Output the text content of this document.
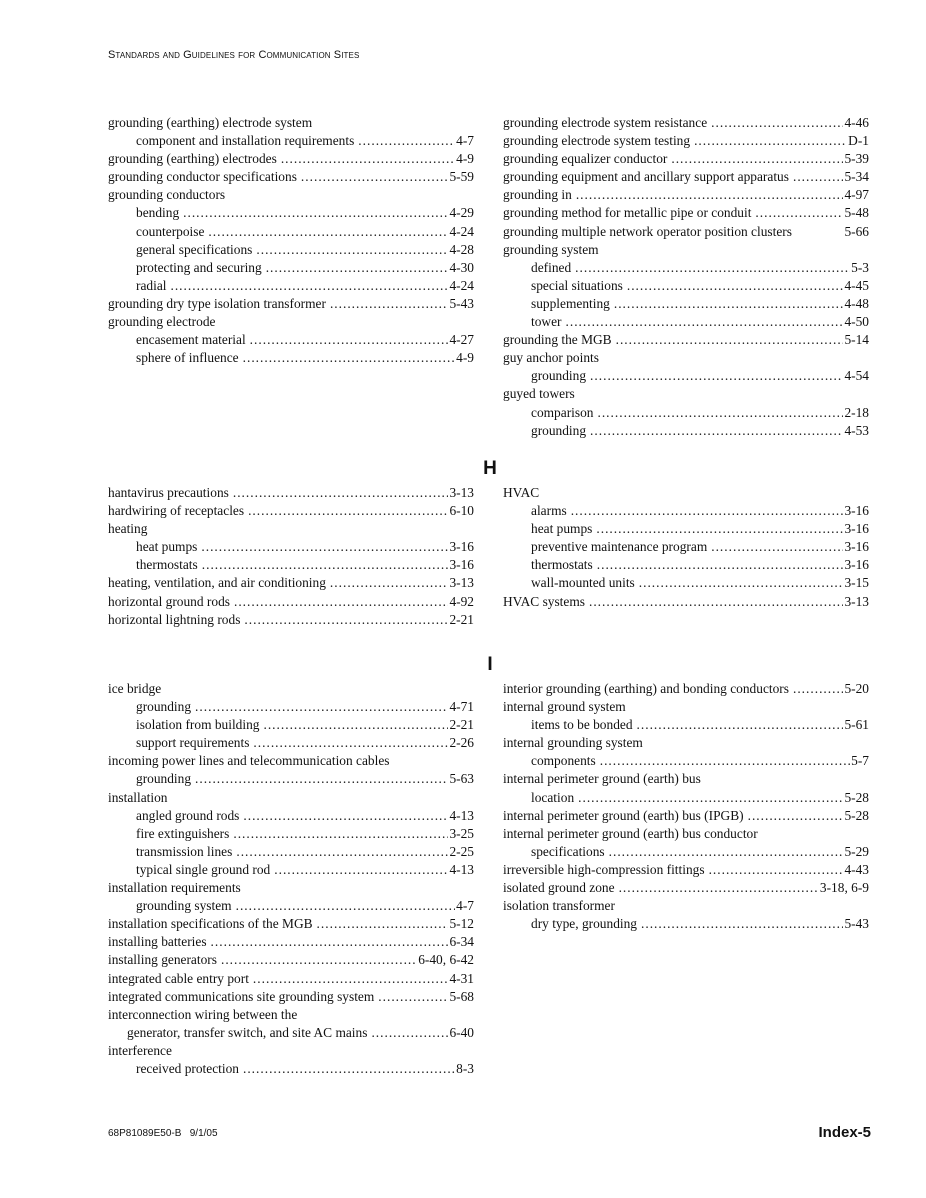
Standards and Guidelines for Communication Sites
grounding (earthing) electrode system
component and installation requirements .....	4-7
grounding (earthing) electrodes .....	4-9
grounding conductor specifications .....	5-59
grounding conductors
bending .....	4-29
counterpoise .....	4-24
general specifications .....	4-28
protecting and securing .....	4-30
radial .....	4-24
grounding dry type isolation transformer .....	5-43
grounding electrode
encasement material .....	4-27
sphere of influence .....	4-9
grounding electrode system resistance .....	4-46
grounding electrode system testing .....	D-1
grounding equalizer conductor .....	5-39
grounding equipment and ancillary support apparatus .....	5-34
grounding in .....	4-97
grounding method for metallic pipe or conduit .....	5-48
grounding multiple network operator position clusters	5-66
grounding system
defined .....	5-3
special situations .....	4-45
supplementing .....	4-48
tower .....	4-50
grounding the MGB .....	5-14
guy anchor points
grounding .....	4-54
guyed towers
comparison .....	2-18
grounding .....	4-53
H
hantavirus precautions .....	3-13
hardwiring of receptacles .....	6-10
heating
heat pumps .....	3-16
thermostats .....	3-16
heating, ventilation, and air conditioning .....	3-13
horizontal ground rods .....	4-92
horizontal lightning rods .....	2-21
HVAC
alarms .....	3-16
heat pumps .....	3-16
preventive maintenance program .....	3-16
thermostats .....	3-16
wall-mounted units .....	3-15
HVAC systems .....	3-13
I
ice bridge
grounding .....	4-71
isolation from building .....	2-21
support requirements .....	2-26
incoming power lines and telecommunication cables
grounding .....	5-63
installation
angled ground rods .....	4-13
fire extinguishers .....	3-25
transmission lines .....	2-25
typical single ground rod .....	4-13
installation requirements
grounding system .....	4-7
installation specifications of the MGB .....	5-12
installing batteries .....	6-34
installing generators .....	6-40, 6-42
integrated cable entry port .....	4-31
integrated communications site grounding system .....	5-68
interconnection wiring between the
generator, transfer switch, and site AC mains .....	6-40
interference
received protection .....	8-3
interior grounding (earthing) and bonding conductors .....	5-20
internal ground system
items to be bonded .....	5-61
internal grounding system
components .....	5-7
internal perimeter ground (earth) bus
location .....	5-28
internal perimeter ground (earth) bus (IPGB) .....	5-28
internal perimeter ground (earth) bus conductor
specifications .....	5-29
irreversible high-compression fittings .....	4-43
isolated ground zone .....	3-18, 6-9
isolation transformer
dry type, grounding .....	5-43
68P81089E50-B   9/1/05	Index-5
